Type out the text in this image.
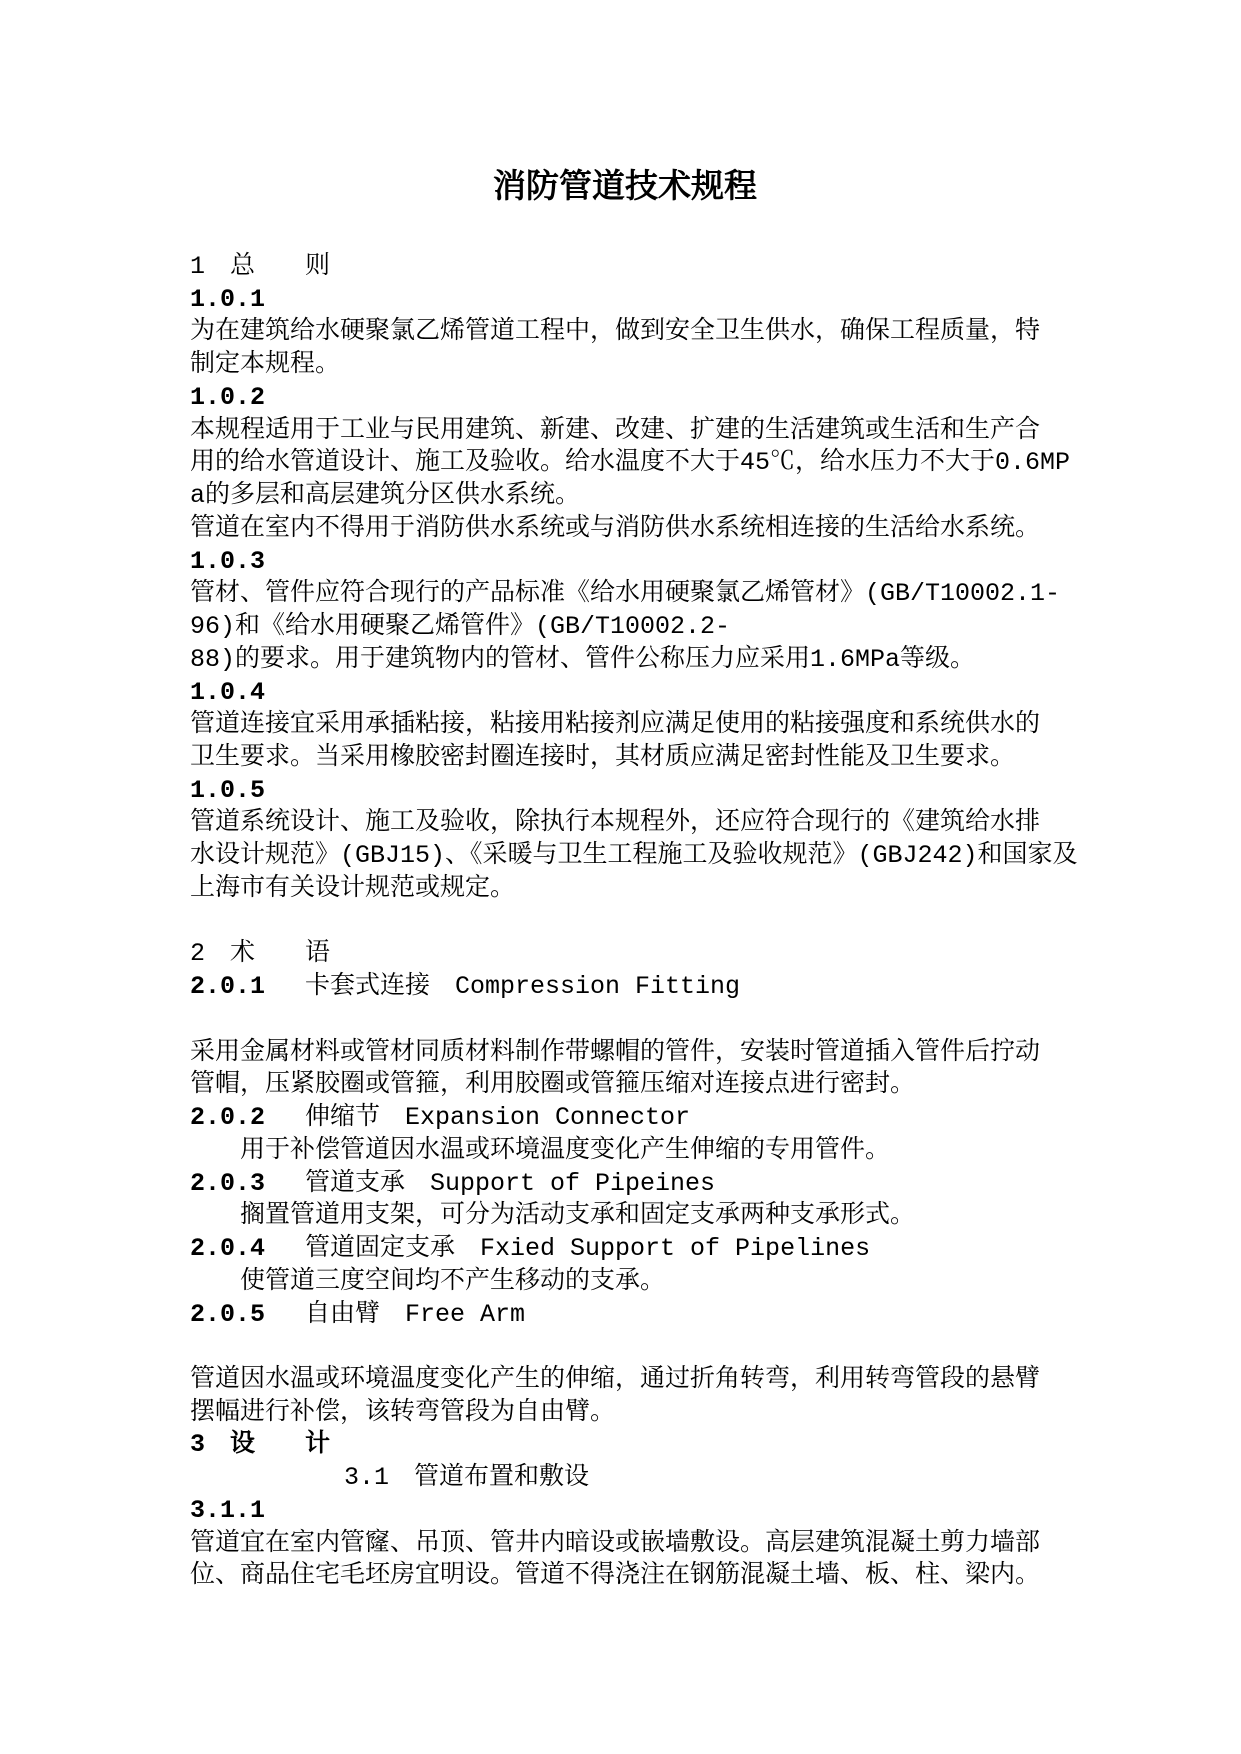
消防管道技术规程
1　总　　则
1.0.1
为在建筑给水硬聚氯乙烯管道工程中，做到安全卫生供水，确保工程质量，特
制定本规程。
1.0.2
本规程适用于工业与民用建筑、新建、改建、扩建的生活建筑或生活和生产合
用的给水管道设计、施工及验收。给水温度不大于45℃，给水压力不大于0.6MP
a的多层和高层建筑分区供水系统。
管道在室内不得用于消防供水系统或与消防供水系统相连接的生活给水系统。
1.0.3
管材、管件应符合现行的产品标准《给水用硬聚氯乙烯管材》(GB/T10002.1-
96)和《给水用硬聚乙烯管件》(GB/T10002.2-
88)的要求。用于建筑物内的管材、管件公称压力应采用1.6MPa等级。
1.0.4
管道连接宜采用承插粘接，粘接用粘接剂应满足使用的粘接强度和系统供水的
卫生要求。当采用橡胶密封圈连接时，其材质应满足密封性能及卫生要求。
1.0.5
管道系统设计、施工及验收，除执行本规程外，还应符合现行的《建筑给水排
水设计规范》(GBJ15)、《采暖与卫生工程施工及验收规范》(GBJ242)和国家及
上海市有关设计规范或规定。
2　术　　语
2.0.1 卡套式连接 Compression Fitting
采用金属材料或管材同质材料制作带螺帽的管件，安装时管道插入管件后拧动
管帽，压紧胶圈或管箍，利用胶圈或管箍压缩对连接点进行密封。
2.0.2 伸缩节 Expansion Connector
用于补偿管道因水温或环境温度变化产生伸缩的专用管件。
2.0.3 管道支承 Support of Pipeines
搁置管道用支架，可分为活动支承和固定支承两种支承形式。
2.0.4 管道固定支承 Fxied Support of Pipelines
使管道三度空间均不产生移动的支承。
2.0.5 自由臂 Free Arm
管道因水温或环境温度变化产生的伸缩，通过折角转弯，利用转弯管段的悬臂
摆幅进行补偿，该转弯管段为自由臂。
3　设　　计
3.1　管道布置和敷设
3.1.1
管道宜在室内管窿、吊顶、管井内暗设或嵌墙敷设。高层建筑混凝土剪力墙部
位、商品住宅毛坯房宜明设。管道不得浇注在钢筋混凝土墙、板、柱、梁内。
